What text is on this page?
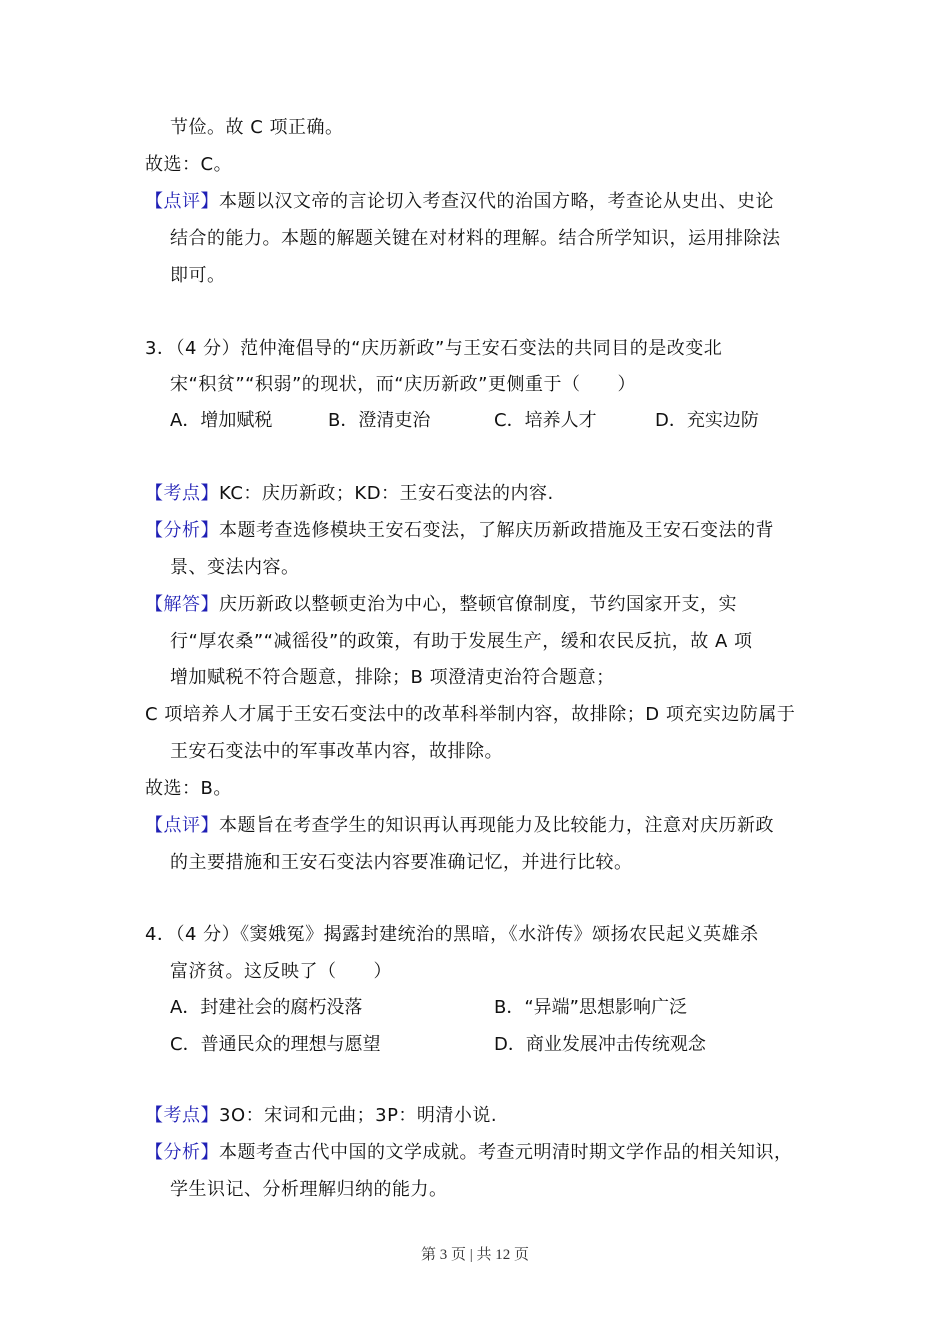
节俭。故 C 项正确。
故选：C。
【点评】本题以汉文帝的言论切入考查汉代的治国方略，考查论从史出、史论
结合的能力。本题的解题关键在对材料的理解。结合所学知识，运用排除法
即可。
3．（4 分）范仲淹倡导的“庆历新政”与王安石变法的共同目的是改变北
宋“积贫”“积弱”的现状，而“庆历新政”更侧重于（　　）
A．增加赋税	B．澄清吏治	C．培养人才	D．充实边防
【考点】KC：庆历新政；KD：王安石变法的内容.
【分析】本题考查选修模块王安石变法，了解庆历新政措施及王安石变法的背
景、变法内容。
【解答】庆历新政以整顿吏治为中心，整顿官僚制度，节约国家开支，实
行“厚农桑”“减徭役”的政策，有助于发展生产，缓和农民反抗，故 A 项
增加赋税不符合题意，排除；B 项澄清吏治符合题意；
C 项培养人才属于王安石变法中的改革科举制内容，故排除；D 项充实边防属于
王安石变法中的军事改革内容，故排除。
故选：B。
【点评】本题旨在考查学生的知识再认再现能力及比较能力，注意对庆历新政
的主要措施和王安石变法内容要准确记忆，并进行比较。
4．（4 分）《窦娥冤》揭露封建统治的黑暗，《水浒传》颂扬农民起义英雄杀
富济贫。这反映了（　　）
A．封建社会的腐朽没落	B．“异端”思想影响广泛
C．普通民众的理想与愿望	D．商业发展冲击传统观念
【考点】3O：宋词和元曲；3P：明清小说.
【分析】本题考查古代中国的文学成就。考查元明清时期文学作品的相关知识，
学生识记、分析理解归纳的能力。
第 3 页 | 共 12 页
